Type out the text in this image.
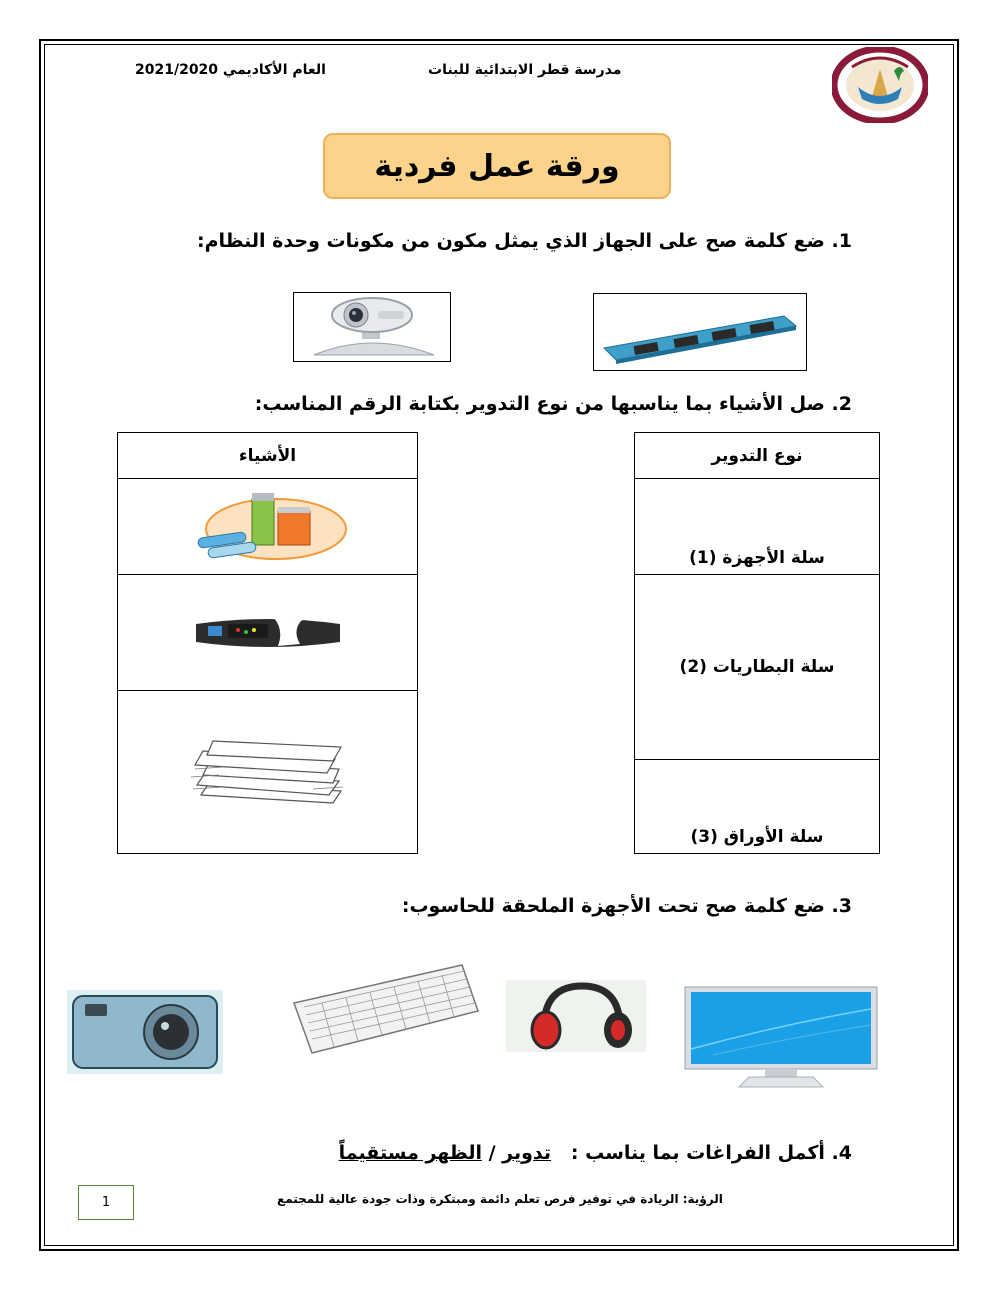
العام الأكاديمي 2021/2020	مدرسة قطر الابتدائية للبنات
ورقة عمل فردية
1. ضع كلمة صح على الجهاز الذي يمثل مكون من مكونات وحدة النظام:
2. صل الأشياء بما يناسبها من نوع التدوير بكتابة الرقم المناسب:
الأشياء	نوع التدوير
سلة الأجهزة (1)
سلة البطاريات (2)
سلة الأوراق (3)
3. ضع كلمة صح تحت الأجهزة الملحقة للحاسوب:
4. أكمل الفراغات بما يناسب :   تدوير / الظهر مستقيماً
الرؤية: الريادة في توفير فرص تعلم دائمة ومبتكرة وذات جودة عالية للمجتمع
1
